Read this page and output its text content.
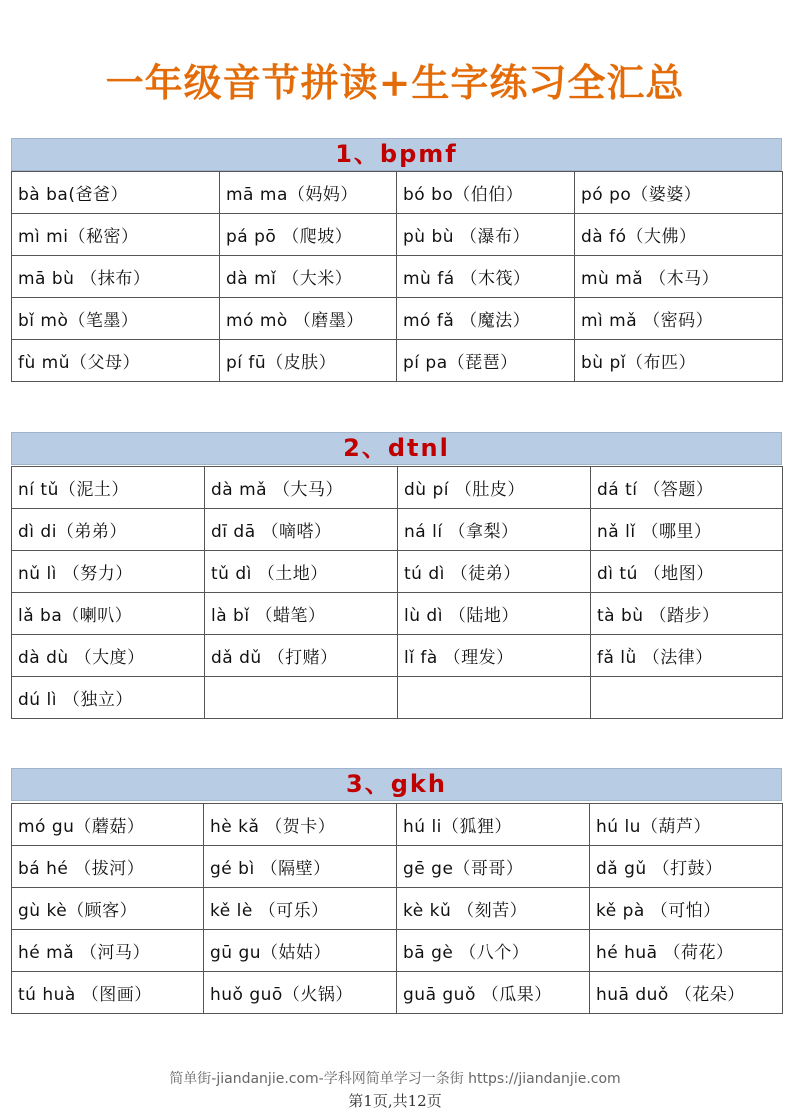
一年级音节拼读+生字练习全汇总
1、bpmf
bà ba(爸爸）	mā ma（妈妈）	bó bo（伯伯）	pó po（婆婆）
mì mi（秘密）	pá pō （爬坡）	pù bù （瀑布）	dà fó（大佛）
mā bù （抹布）	dà mǐ （大米）	mù fá （木筏）	mù mǎ （木马）
bǐ mò（笔墨）	mó mò （磨墨）	mó fǎ （魔法）	mì mǎ （密码）
fù mǔ（父母）	pí fū（皮肤）	pí pa（琵琶）	bù pǐ（布匹）
2、dtnl
ní tǔ（泥土）	dà mǎ （大马）	dù pí （肚皮）	dá tí （答题）
dì di（弟弟）	dī dā （嘀嗒）	ná lí （拿梨）	nǎ lǐ （哪里）
nǔ lì （努力）	tǔ dì （土地）	tú dì （徒弟）	dì tú （地图）
lǎ ba（喇叭）	là bǐ （蜡笔）	lù dì （陆地）	tà bù （踏步）
dà dù （大度）	dǎ dǔ （打赌）	lǐ fà （理发）	fǎ lǜ （法律）
dú lì （独立）			
3、gkh
mó gu（蘑菇）	hè kǎ （贺卡）	hú li（狐狸）	hú lu（葫芦）
bá hé （拔河）	gé bì （隔壁）	gē ge（哥哥）	dǎ gǔ （打鼓）
gù kè（顾客）	kě lè （可乐）	kè kǔ （刻苦）	kě pà （可怕）
hé mǎ （河马）	gū gu（姑姑）	bā gè （八个）	hé huā （荷花）
tú huà （图画）	huǒ guō（火锅）	guā guǒ （瓜果）	huā duǒ （花朵）
简单街-jiandanjie.com-学科网简单学习一条街 https://jiandanjie.com
第1页,共12页
